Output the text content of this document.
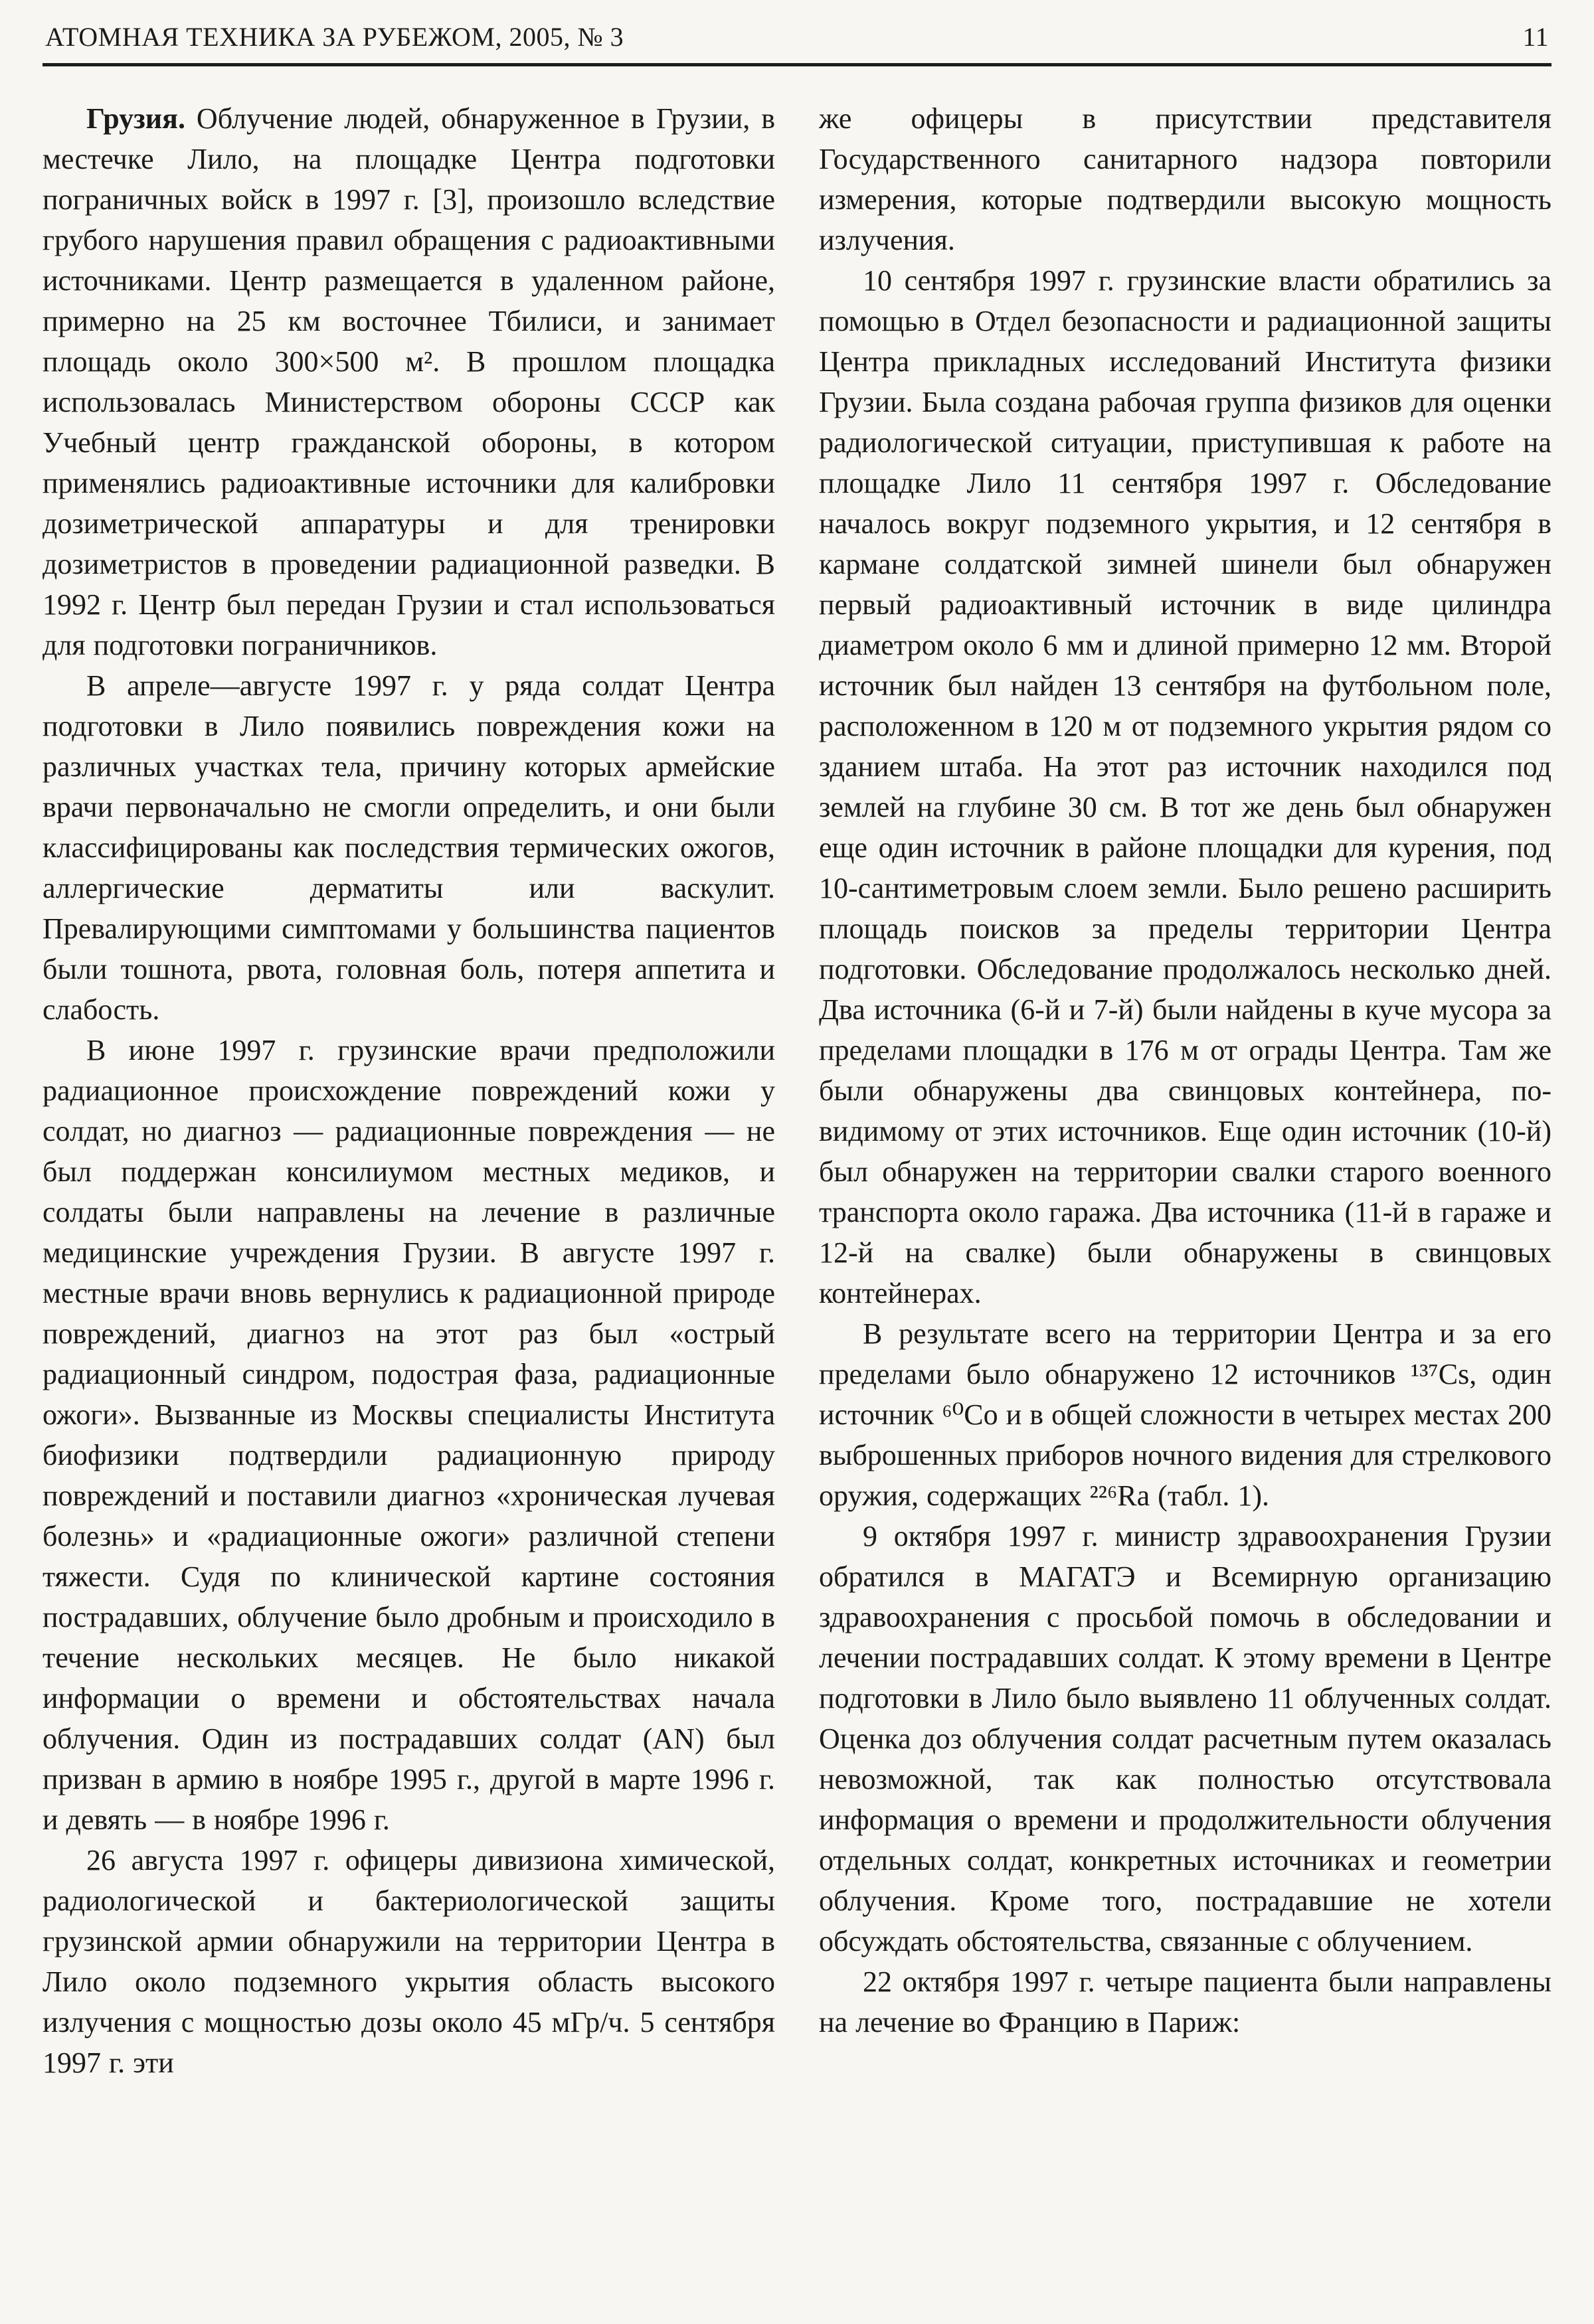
АТОМНАЯ ТЕХНИКА ЗА РУБЕЖОМ, 2005, № 3	11

Грузия. Облучение людей, обнаруженное в Грузии, в местечке Лило, на площадке Центра подготовки пограничных войск в 1997 г. [3], произошло вследствие грубого нарушения правил обращения с радиоактивными источниками. Центр размещается в удаленном районе, примерно на 25 км восточнее Тбилиси, и занимает площадь около 300×500 м². В прошлом площадка использовалась Министерством обороны СССР как Учебный центр гражданской обороны, в котором применялись радиоактивные источники для калибровки дозиметрической аппаратуры и для тренировки дозиметристов в проведении радиационной разведки. В 1992 г. Центр был передан Грузии и стал использоваться для подготовки пограничников.

В апреле—августе 1997 г. у ряда солдат Центра подготовки в Лило появились повреждения кожи на различных участках тела, причину которых армейские врачи первоначально не смогли определить, и они были классифицированы как последствия термических ожогов, аллергические дерматиты или васкулит. Превалирующими симптомами у большинства пациентов были тошнота, рвота, головная боль, потеря аппетита и слабость.

В июне 1997 г. грузинские врачи предположили радиационное происхождение повреждений кожи у солдат, но диагноз — радиационные повреждения — не был поддержан консилиумом местных медиков, и солдаты были направлены на лечение в различные медицинские учреждения Грузии. В августе 1997 г. местные врачи вновь вернулись к радиационной природе повреждений, диагноз на этот раз был «острый радиационный синдром, подострая фаза, радиационные ожоги». Вызванные из Москвы специалисты Института биофизики подтвердили радиационную природу повреждений и поставили диагноз «хроническая лучевая болезнь» и «радиационные ожоги» различной степени тяжести. Судя по клинической картине состояния пострадавших, облучение было дробным и происходило в течение нескольких месяцев. Не было никакой информации о времени и обстоятельствах начала облучения. Один из пострадавших солдат (AN) был призван в армию в ноябре 1995 г., другой в марте 1996 г. и девять — в ноябре 1996 г.

26 августа 1997 г. офицеры дивизиона химической, радиологической и бактериологической защиты грузинской армии обнаружили на территории Центра в Лило около подземного укрытия область высокого излучения с мощностью дозы около 45 мГр/ч. 5 сентября 1997 г. эти

же офицеры в присутствии представителя Государственного санитарного надзора повторили измерения, которые подтвердили высокую мощность излучения.

10 сентября 1997 г. грузинские власти обратились за помощью в Отдел безопасности и радиационной защиты Центра прикладных исследований Института физики Грузии. Была создана рабочая группа физиков для оценки радиологической ситуации, приступившая к работе на площадке Лило 11 сентября 1997 г. Обследование началось вокруг подземного укрытия, и 12 сентября в кармане солдатской зимней шинели был обнаружен первый радиоактивный источник в виде цилиндра диаметром около 6 мм и длиной примерно 12 мм. Второй источник был найден 13 сентября на футбольном поле, расположенном в 120 м от подземного укрытия рядом со зданием штаба. На этот раз источник находился под землей на глубине 30 см. В тот же день был обнаружен еще один источник в районе площадки для курения, под 10-сантиметровым слоем земли. Было решено расширить площадь поисков за пределы территории Центра подготовки. Обследование продолжалось несколько дней. Два источника (6-й и 7-й) были найдены в куче мусора за пределами площадки в 176 м от ограды Центра. Там же были обнаружены два свинцовых контейнера, по-видимому от этих источников. Еще один источник (10-й) был обнаружен на территории свалки старого военного транспорта около гаража. Два источника (11-й в гараже и 12-й на свалке) были обнаружены в свинцовых контейнерах.

В результате всего на территории Центра и за его пределами было обнаружено 12 источников ¹³⁷Cs, один источник ⁶⁰Co и в общей сложности в четырех местах 200 выброшенных приборов ночного видения для стрелкового оружия, содержащих ²²⁶Ra (табл. 1).

9 октября 1997 г. министр здравоохранения Грузии обратился в МАГАТЭ и Всемирную организацию здравоохранения с просьбой помочь в обследовании и лечении пострадавших солдат. К этому времени в Центре подготовки в Лило было выявлено 11 облученных солдат. Оценка доз облучения солдат расчетным путем оказалась невозможной, так как полностью отсутствовала информация о времени и продолжительности облучения отдельных солдат, конкретных источниках и геометрии облучения. Кроме того, пострадавшие не хотели обсуждать обстоятельства, связанные с облучением.

22 октября 1997 г. четыре пациента были направлены на лечение во Францию в Париж:
